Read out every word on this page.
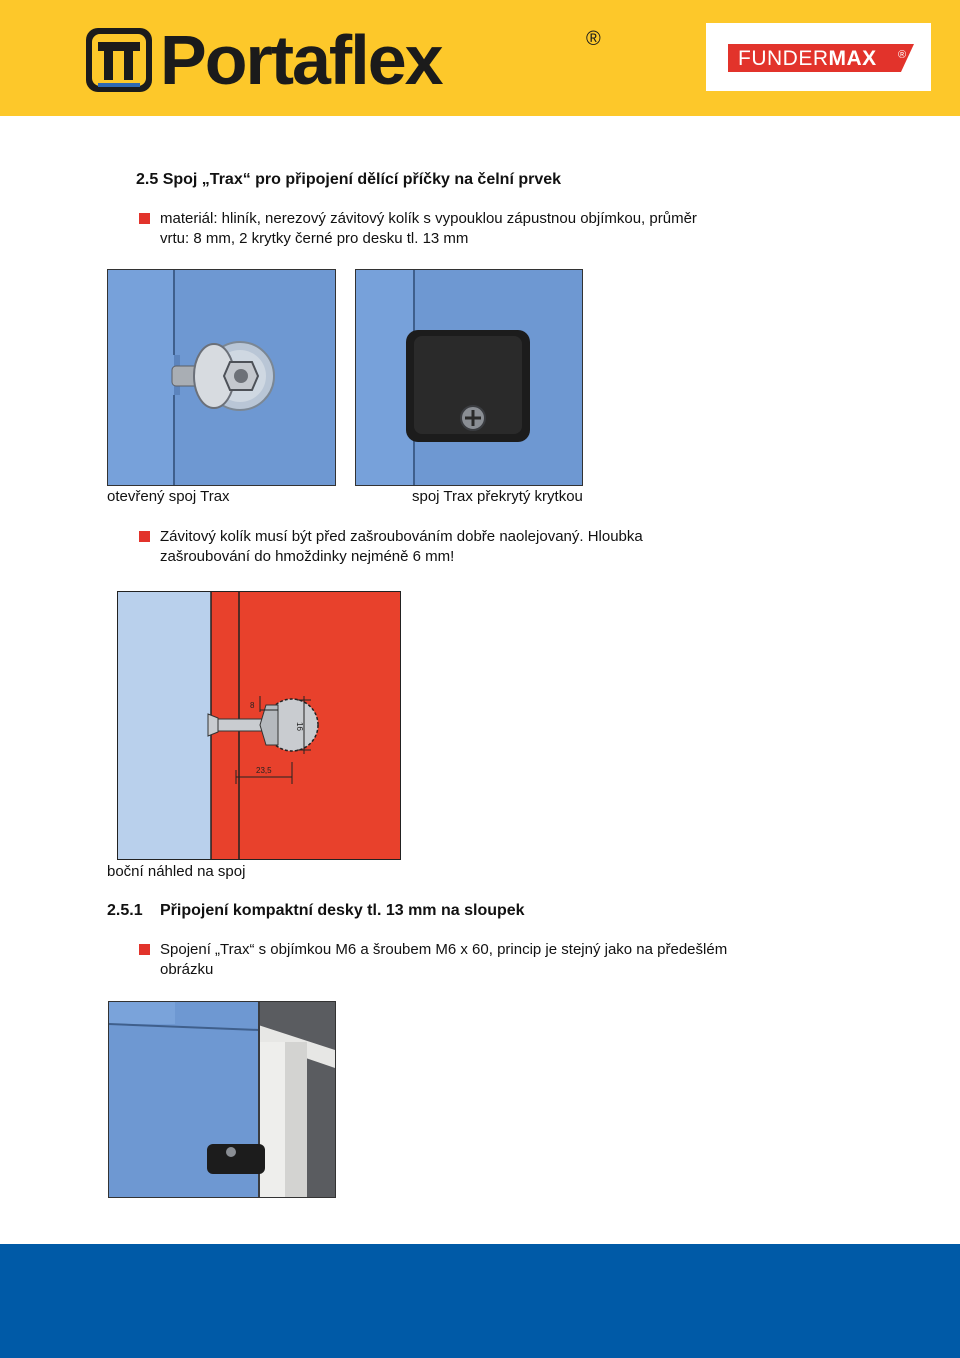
Portaflex	®
FUNDERMAX ®

2.5 Spoj „Trax“ pro připojení dělící příčky na čelní prvek

materiál: hliník, nerezový závitový kolík s vypouklou zápustnou objímkou, průměr

vrtu: 8 mm, 2 krytky černé pro desku tl. 13 mm

otevřený spoj Trax	spoj Trax překrytý krytkou

Závitový kolík musí být před zašroubováním dobře naolejovaný. Hloubka

zašroubování do hmoždinky nejméně 6 mm!

8
16
23,5

boční náhled na spoj

2.5.1 Připojení kompaktní desky tl. 13 mm na sloupek

Spojení „Trax“ s objímkou M6 a šroubem M6 x 60, princip je stejný jako na předešlém

obrázku
